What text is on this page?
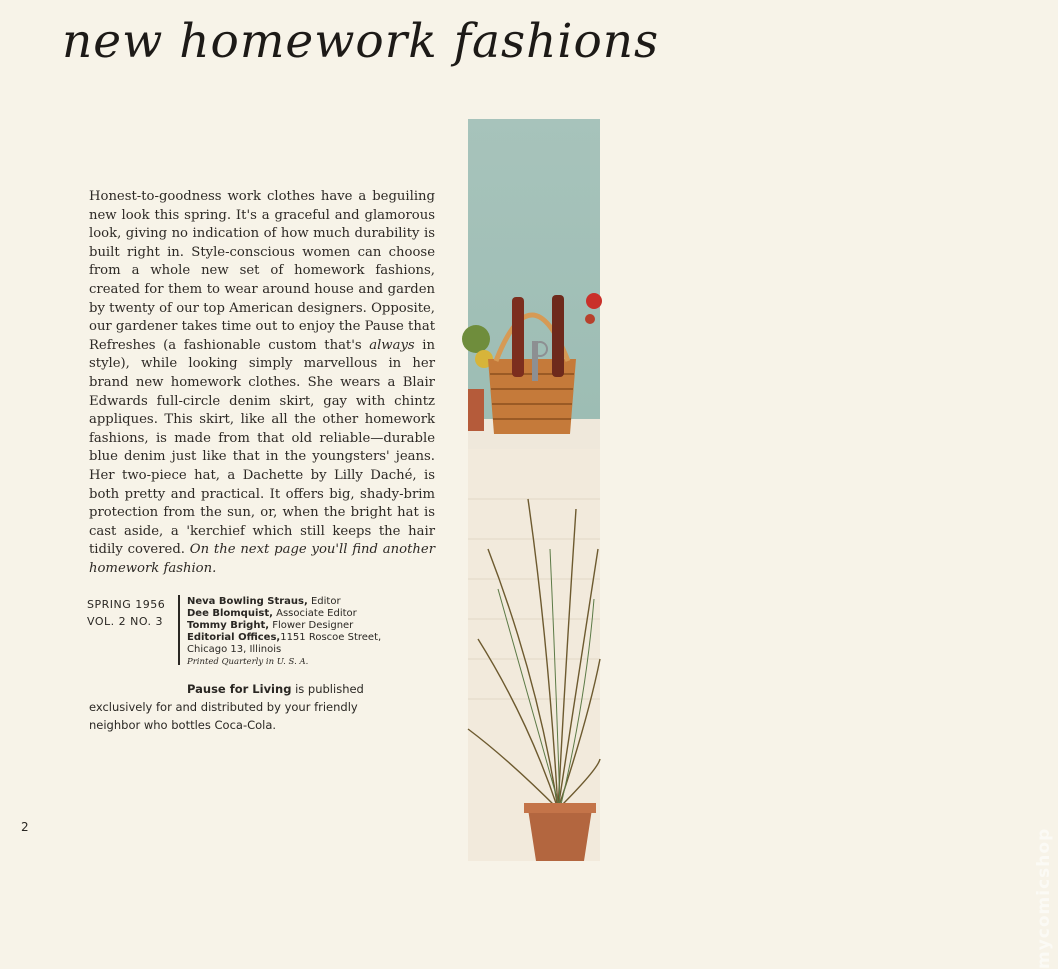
new homework fashions
mycomicshop
Honest-to-goodness work clothes have a beguiling new look this spring. It's a graceful and glamorous look, giving no indication of how much durability is built right in. Style-conscious women can choose from a whole new set of homework fashions, created for them to wear around house and garden by twenty of our top American designers. Opposite, our gardener takes time out to enjoy the Pause that Refreshes (a fashionable custom that's always in style), while looking simply marvellous in her brand new homework clothes. She wears a Blair Edwards full-circle denim skirt, gay with chintz appliques. This skirt, like all the other homework fashions, is made from that old reliable—durable blue denim just like that in the youngsters' jeans. Her two-piece hat, a Dachette by Lilly Daché, is both pretty and practical. It offers big, shady-brim protection from the sun, or, when the bright hat is cast aside, a 'kerchief which still keeps the hair tidily covered. On the next page you'll find another homework fashion.
SPRING 1956
VOL. 2 NO. 3
Neva Bowling Straus, Editor
Dee Blomquist, Associate Editor
Tommy Bright, Flower Designer
Editorial Offices,1151 Roscoe Street,
Chicago 13, Illinois
Printed Quarterly in U. S. A.
Pause for Living is published
exclusively for and distributed by your friendly
neighbor who bottles Coca-Cola.
2
